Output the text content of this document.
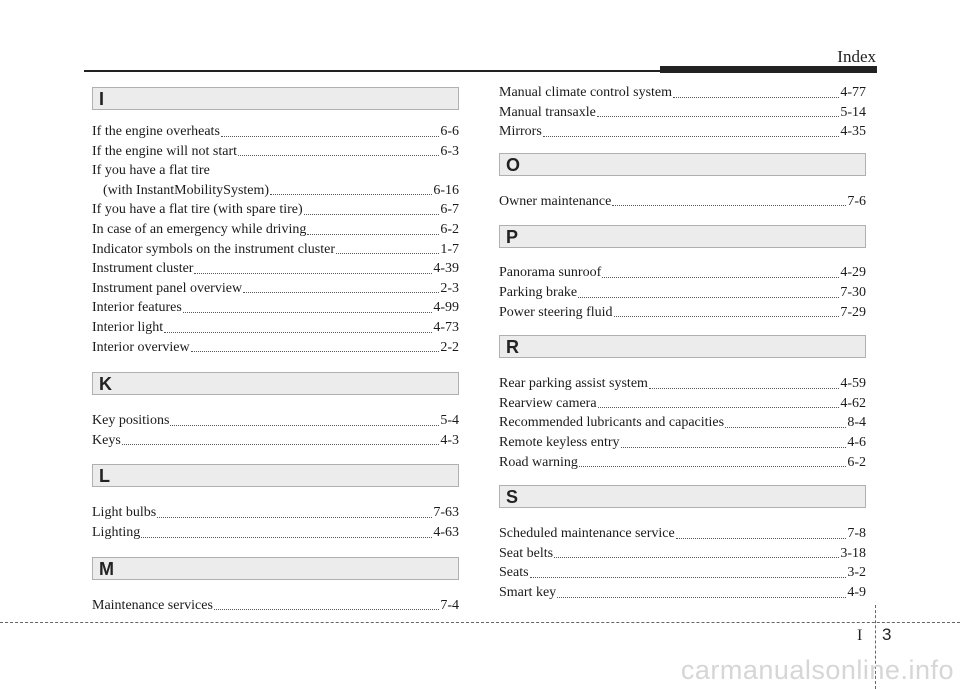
Index
I
If the engine overheats	6-6
If the engine will not start	6-3
If you have a flat tire
(with InstantMobilitySystem)	6-16
If you have a flat tire (with spare tire)	6-7
In case of an emergency while driving	6-2
Indicator symbols on the instrument cluster	1-7
Instrument cluster	4-39
Instrument panel overview	2-3
Interior features	4-99
Interior light	4-73
Interior overview	2-2
K
Key positions	5-4
Keys	4-3
L
Light bulbs	7-63
Lighting	4-63
M
Maintenance services	7-4
Manual climate control system	4-77
Manual transaxle	5-14
Mirrors	4-35
O
Owner maintenance	7-6
P
Panorama sunroof	4-29
Parking brake	7-30
Power steering fluid	7-29
R
Rear parking assist system	4-59
Rearview camera	4-62
Recommended lubricants and capacities	8-4
Remote keyless entry	4-6
Road warning	6-2
S
Scheduled maintenance service	7-8
Seat belts	3-18
Seats	3-2
Smart key	4-9
I 3
carmanualsonline.info
